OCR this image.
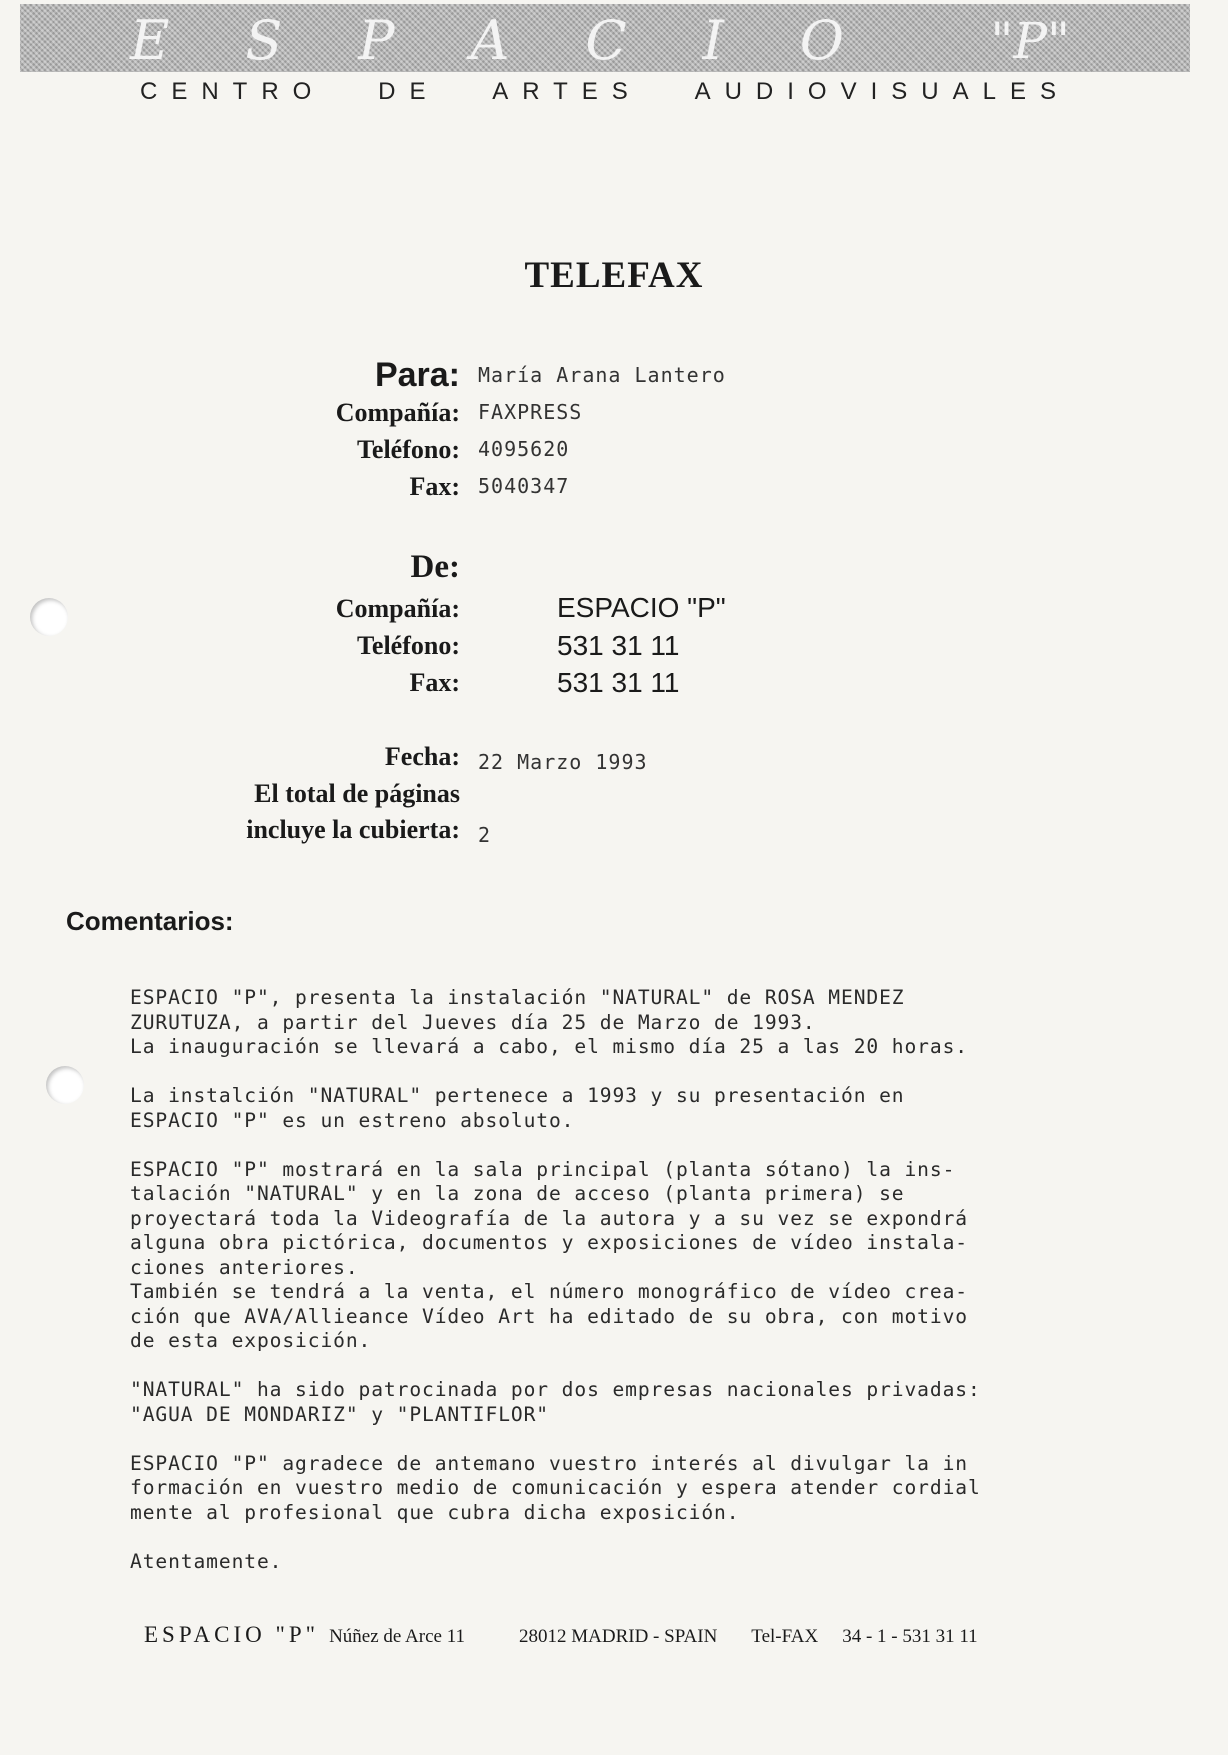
E S P A C I O	"P"
CENTRO DE ARTES AUDIOVISUALES
TELEFAX
Para: María Arana Lantero
Compañía: FAXPRESS
Teléfono: 4095620
Fax: 5040347
De:
Compañía:	ESPACIO "P"
Teléfono:	531 31 11
Fax:	531 31 11
Fecha: 22 Marzo 1993
El total de páginas
incluye la cubierta: 2
Comentarios:
ESPACIO "P", presenta la instalación "NATURAL" de ROSA MENDEZ
ZURUTUZA, a partir del Jueves día 25 de Marzo de 1993.
La inauguración se llevará a cabo, el mismo día 25 a las 20 horas.
La instalción "NATURAL" pertenece a 1993 y su presentación en
ESPACIO "P" es un estreno absoluto.
ESPACIO "P" mostrará en la sala principal (planta sótano) la ins-
talación "NATURAL" y en la zona de acceso (planta primera) se
proyectará toda la Videografía de la autora y a su vez se expondrá
alguna obra pictórica, documentos y exposiciones de vídeo instala-
ciones anteriores.
También se tendrá a la venta, el número monográfico de vídeo crea-
ción que AVA/Allieance Vídeo Art ha editado de su obra, con motivo
de esta exposición.
"NATURAL" ha sido patrocinada por dos empresas nacionales privadas:
"AGUA DE MONDARIZ" y "PLANTIFLOR"
ESPACIO "P" agradece de antemano vuestro interés al divulgar la in
formación en vuestro medio de comunicación y espera atender cordial
mente al profesional que cubra dicha exposición.
Atentamente.
ESPACIO "P" Núñez de Arce 11	28012 MADRID - SPAIN Tel-FAX 34 - 1 - 531 31 11
